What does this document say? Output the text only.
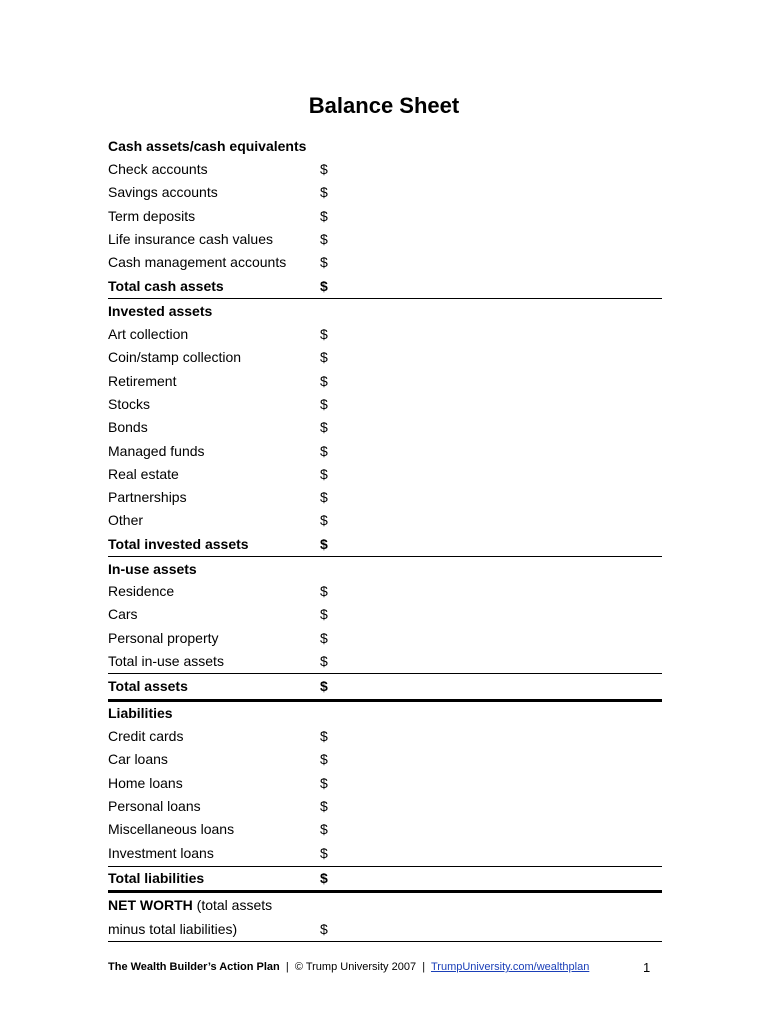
Balance Sheet
Cash assets/cash equivalents
Check accounts	$
Savings accounts	$
Term deposits	$
Life insurance cash values	$
Cash management accounts $
Total cash assets	$
Invested assets
Art collection	$
Coin/stamp collection	$
Retirement	$
Stocks	$
Bonds	$
Managed funds	$
Real estate	$
Partnerships	$
Other	$
Total invested assets	$
In-use assets
Residence	$
Cars	$
Personal property	$
Total in-use assets	$
Total assets	$
Liabilities
Credit cards	$
Car loans	$
Home loans	$
Personal loans	$
Miscellaneous loans	$
Investment loans	$
Total liabilities	$
NET WORTH (total assets
minus total liabilities)	$
The Wealth Builder’s Action Plan | © Trump University 2007 | TrumpUniversity.com/wealthplan	1
